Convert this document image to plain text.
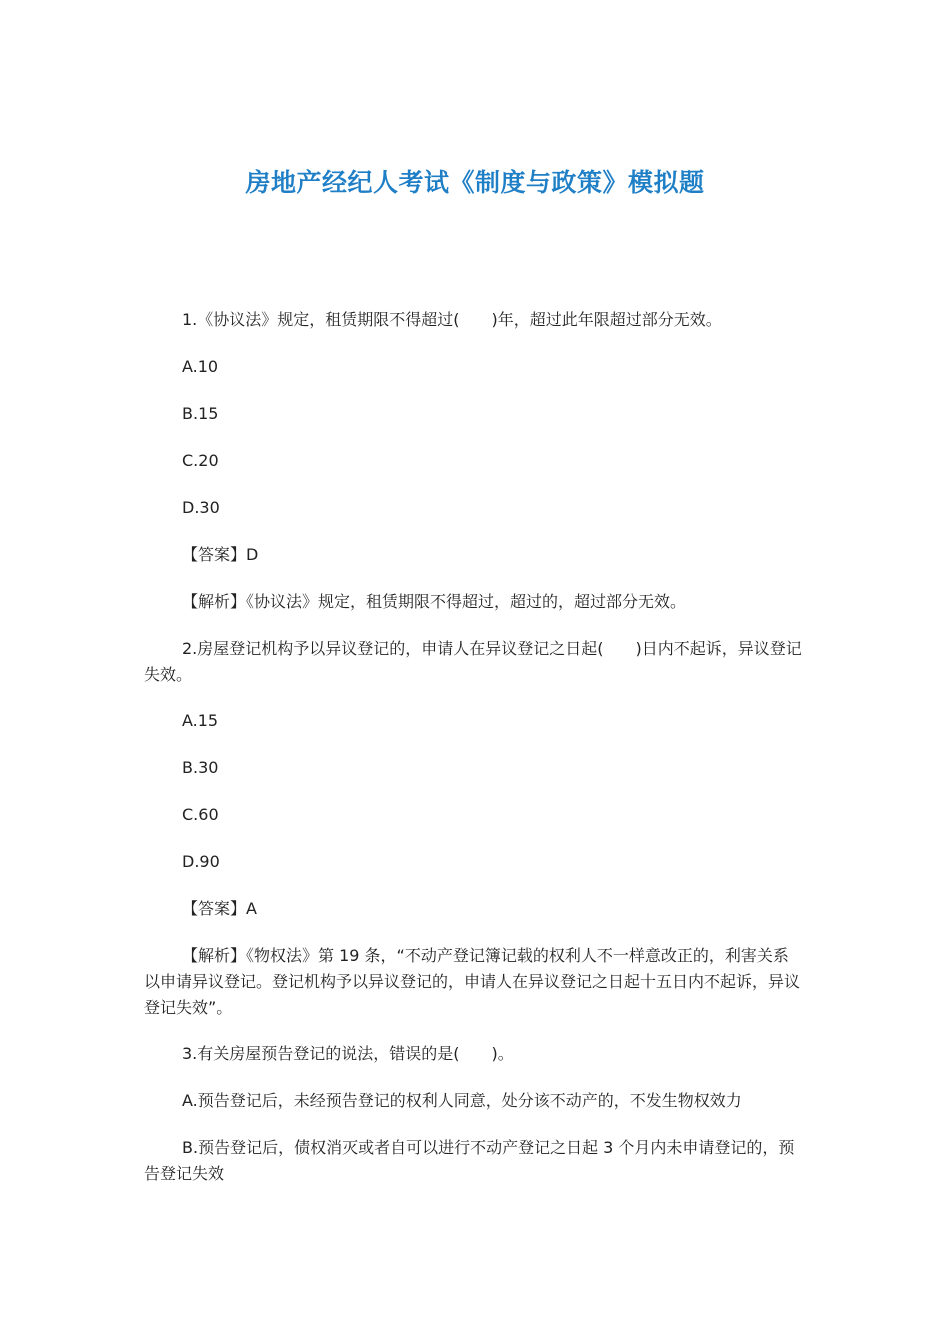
房地产经纪人考试《制度与政策》模拟题

1.《协议法》规定，租赁期限不得超过(　　)年，超过此年限超过部分无效。

A.10

B.15

C.20

D.30

【答案】D

【解析】《协议法》规定，租赁期限不得超过，超过的，超过部分无效。

2.房屋登记机构予以异议登记的，申请人在异议登记之日起(　　)日内不起诉，异议登记失效。

A.15

B.30

C.60

D.90

【答案】A

【解析】《物权法》第 19 条，“不动产登记簿记载的权利人不一样意改正的，利害关系以申请异议登记。登记机构予以异议登记的，申请人在异议登记之日起十五日内不起诉，异议登记失效”。

3.有关房屋预告登记的说法，错误的是(　　)。

A.预告登记后，未经预告登记的权利人同意，处分该不动产的，不发生物权效力

B.预告登记后，债权消灭或者自可以进行不动产登记之日起 3 个月内未申请登记的，预告登记失效
